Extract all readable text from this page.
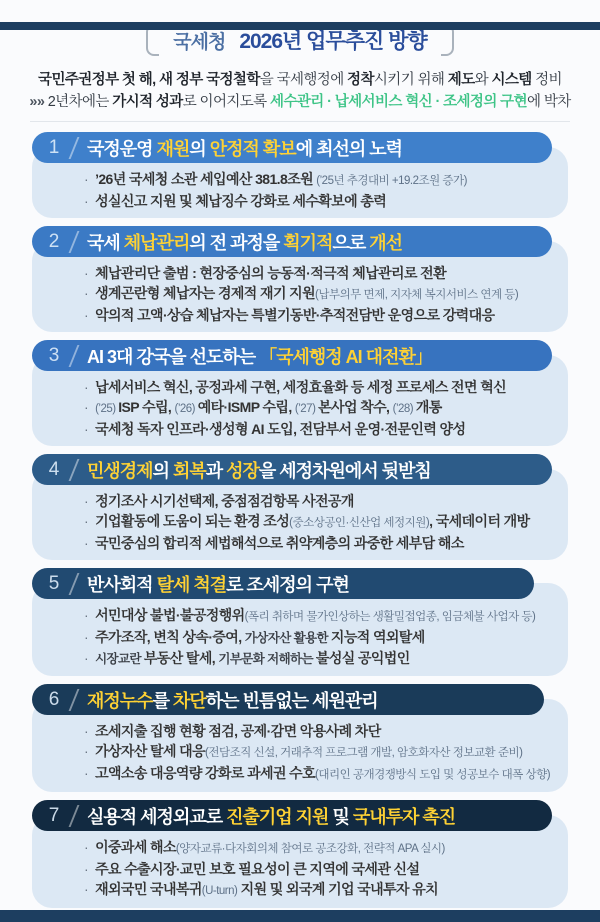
국세청 2026년 업무추진 방향

국민주권정부 첫 해, 새 정부 국정철학을 국세행정에 정착시키기 위해 제도와 시스템 정비

»» 2년차에는 가시적 성과로 이어지도록 세수관리 · 납세서비스 혁신 · 조세정의 구현에 박차

1	국정운영 재원의 안정적 확보에 최선의 노력
· ’26년 국세청 소관 세입예산 381.8조원 (’25년 추경대비 +19.2조원 증가)
· 성실신고 지원 및 체납징수 강화로 세수확보에 총력
2	국세 체납관리의 전 과정을 획기적으로 개선
· 체납관리단 출범 : 현장중심의 능동적·적극적 체납관리로 전환
· 생계곤란형 체납자는 경제적 재기 지원(납부의무 면제, 지자체 복지서비스 연계 등)
· 악의적 고액·상습 체납자는 특별기동반·추적전담반 운영으로 강력대응
3	AI 3대 강국을 선도하는 「국세행정 AI 대전환」
· 납세서비스 혁신, 공정과세 구현, 세정효율화 등 세정 프로세스 전면 혁신
· (’25) ISP 수립, (’26) 예타·ISMP 수립, (’27) 본사업 착수, (’28) 개통
· 국세청 독자 인프라·생성형 AI 도입, 전담부서 운영·전문인력 양성
4	민생경제의 회복과 성장을 세정차원에서 뒷받침
· 정기조사 시기선택제, 중점점검항목 사전공개
· 기업활동에 도움이 되는 환경 조성(중소상공인·신산업 세정지원), 국세데이터 개방
· 국민중심의 합리적 세법해석으로 취약계층의 과중한 세부담 해소
5	반사회적 탈세 척결로 조세정의 구현
· 서민대상 불법·불공정행위(폭리 취하며 물가인상하는 생활밀접업종, 임금체불 사업자 등)
· 주가조작, 변칙 상속·증여, 가상자산 활용한 지능적 역외탈세
· 시장교란 부동산 탈세, 기부문화 저해하는 불성실 공익법인
6	재정누수를 차단하는 빈틈없는 세원관리
· 조세지출 집행 현황 점검, 공제·감면 악용사례 차단
· 가상자산 탈세 대응(전담조직 신설, 거래추적 프로그램 개발, 암호화자산 정보교환 준비)
· 고액소송 대응역량 강화로 과세권 수호(대리인 공개경쟁방식 도입 및 성공보수 대폭 상향)
7	실용적 세정외교로 진출기업 지원 및 국내투자 촉진
· 이중과세 해소(양자교류·다자회의체 참여로 공조강화, 전략적 APA 실시)
· 주요 수출시장·교민 보호 필요성이 큰 지역에 국세관 신설
· 재외국민 국내복귀(U-turn) 지원 및 외국계 기업 국내투자 유치
